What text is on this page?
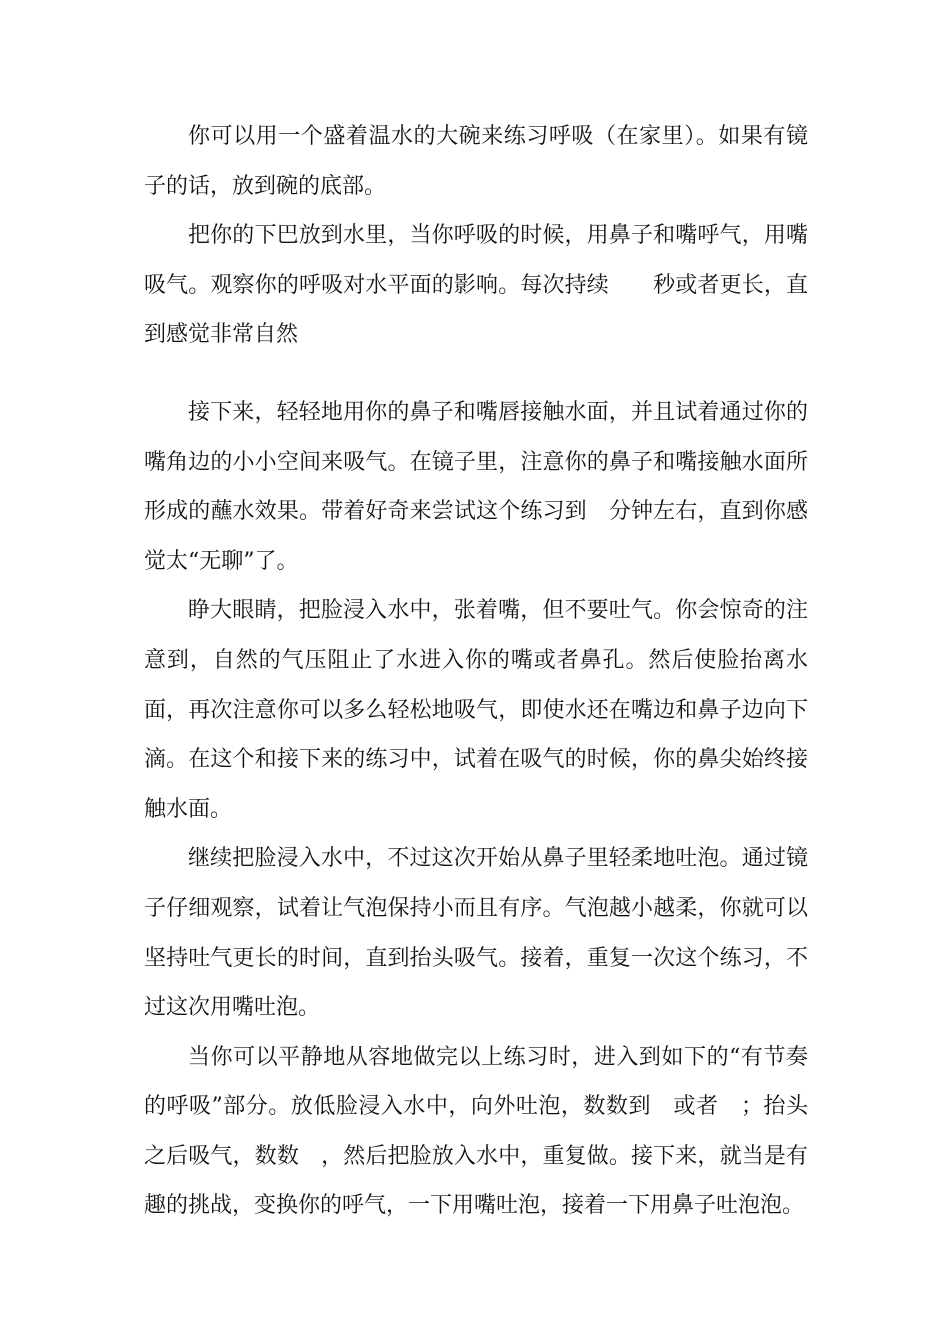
你可以用一个盛着温水的大碗来练习呼吸（在家里）。如果有镜子的话，放到碗的底部。

把你的下巴放到水里，当你呼吸的时候，用鼻子和嘴呼气，用嘴吸气。观察你的呼吸对水平面的影响。每次持续　　秒或者更长，直到感觉非常自然

接下来，轻轻地用你的鼻子和嘴唇接触水面，并且试着通过你的嘴角边的小小空间来吸气。在镜子里，注意你的鼻子和嘴接触水面所形成的蘸水效果。带着好奇来尝试这个练习到　分钟左右，直到你感觉太“无聊”了。

睁大眼睛，把脸浸入水中，张着嘴，但不要吐气。你会惊奇的注意到，自然的气压阻止了水进入你的嘴或者鼻孔。然后使脸抬离水面，再次注意你可以多么轻松地吸气，即使水还在嘴边和鼻子边向下滴。在这个和接下来的练习中，试着在吸气的时候，你的鼻尖始终接触水面。

继续把脸浸入水中，不过这次开始从鼻子里轻柔地吐泡。通过镜子仔细观察，试着让气泡保持小而且有序。气泡越小越柔，你就可以坚持吐气更长的时间，直到抬头吸气。接着，重复一次这个练习，不过这次用嘴吐泡。

当你可以平静地从容地做完以上练习时，进入到如下的“有节奏的呼吸”部分。放低脸浸入水中，向外吐泡，数数到　或者　；抬头之后吸气，数数　，然后把脸放入水中，重复做。接下来，就当是有趣的挑战，变换你的呼气，一下用嘴吐泡，接着一下用鼻子吐泡泡。
